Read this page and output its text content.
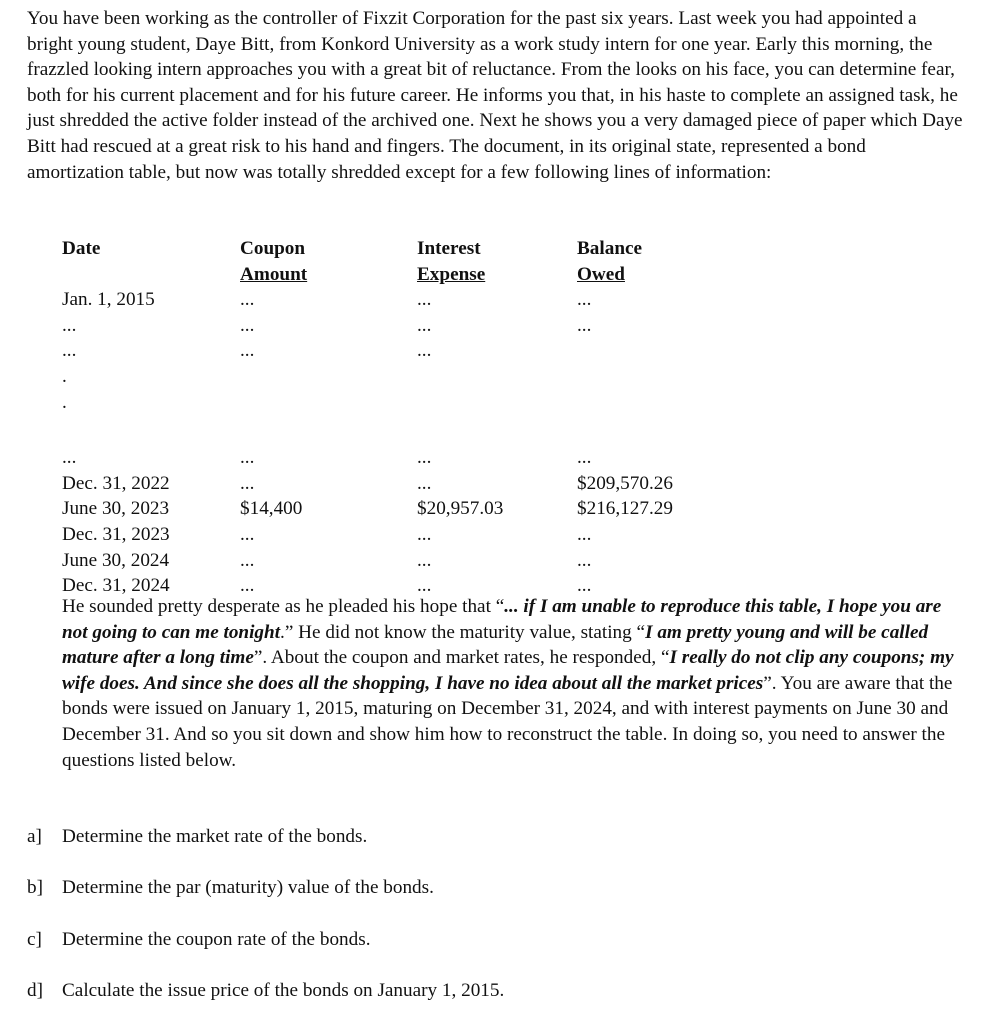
You have been working as the controller of Fixzit Corporation for the past six years. Last week you had appointed a bright young student, Daye Bitt, from Konkord University as a work study intern for one year. Early this morning, the frazzled looking intern approaches you with a great bit of reluctance. From the looks on his face, you can determine fear, both for his current placement and for his future career. He informs you that, in his haste to complete an assigned task, he just shredded the active folder instead of the archived one. Next he shows you a very damaged piece of paper which Daye Bitt had rescued at a great risk to his hand and fingers. The document, in its original state, represented a bond amortization table, but now was totally shredded except for a few following lines of information:

Date	Coupon	Interest	Balance
Amount	Expense	Owed
Jan. 1, 2015	...	...	...
...	...	...	...
...	...	...
.
.
...	...	...	...
Dec. 31, 2022	...	...	$209,570.26
June 30, 2023	$14,400	$20,957.03	$216,127.29
Dec. 31, 2023	...	...	...
June 30, 2024	...	...	...
Dec. 31, 2024	...	...	...

He sounded pretty desperate as he pleaded his hope that “... if I am unable to reproduce this table, I hope you are not going to can me tonight.” He did not know the maturity value, stating “I am pretty young and will be called mature after a long time”. About the coupon and market rates, he responded, “I really do not clip any coupons; my wife does. And since she does all the shopping, I have no idea about all the market prices”. You are aware that the bonds were issued on January 1, 2015, maturing on December 31, 2024, and with interest payments on June 30 and December 31. And so you sit down and show him how to reconstruct the table. In doing so, you need to answer the questions listed below.

a] Determine the market rate of the bonds.
b] Determine the par (maturity) value of the bonds.
c] Determine the coupon rate of the bonds.
d] Calculate the issue price of the bonds on January 1, 2015.
